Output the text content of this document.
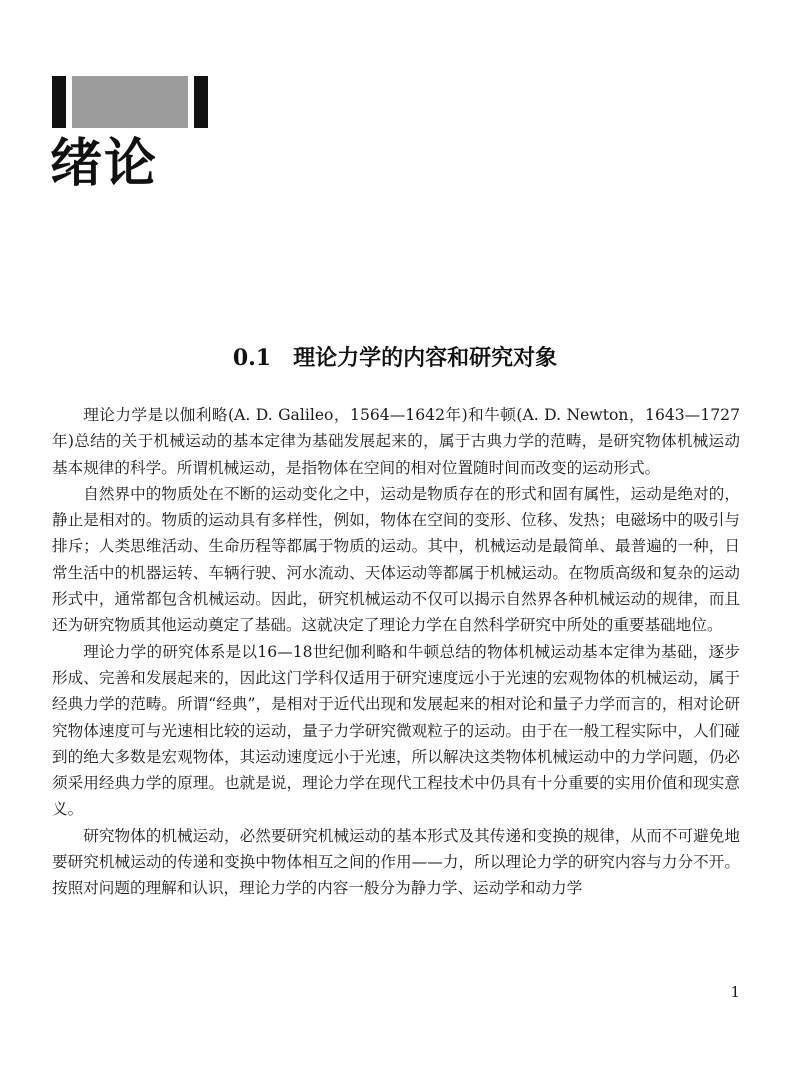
绪论
0.1 理论力学的内容和研究对象

理论力学是以伽利略(A. D. Galileo，1564—1642年)和牛顿(A. D. Newton，1643—1727年)总结的关于机械运动的基本定律为基础发展起来的，属于古典力学的范畴，是研究物体机械运动基本规律的科学。所谓机械运动，是指物体在空间的相对位置随时间而改变的运动形式。

自然界中的物质处在不断的运动变化之中，运动是物质存在的形式和固有属性，运动是绝对的，静止是相对的。物质的运动具有多样性，例如，物体在空间的变形、位移、发热；电磁场中的吸引与排斥；人类思维活动、生命历程等都属于物质的运动。其中，机械运动是最简单、最普遍的一种，日常生活中的机器运转、车辆行驶、河水流动、天体运动等都属于机械运动。在物质高级和复杂的运动形式中，通常都包含机械运动。因此，研究机械运动不仅可以揭示自然界各种机械运动的规律，而且还为研究物质其他运动奠定了基础。这就决定了理论力学在自然科学研究中所处的重要基础地位。

理论力学的研究体系是以16—18世纪伽利略和牛顿总结的物体机械运动基本定律为基础，逐步形成、完善和发展起来的，因此这门学科仅适用于研究速度远小于光速的宏观物体的机械运动，属于经典力学的范畴。所谓“经典”，是相对于近代出现和发展起来的相对论和量子力学而言的，相对论研究物体速度可与光速相比较的运动，量子力学研究微观粒子的运动。由于在一般工程实际中，人们碰到的绝大多数是宏观物体，其运动速度远小于光速，所以解决这类物体机械运动中的力学问题，仍必须采用经典力学的原理。也就是说，理论力学在现代工程技术中仍具有十分重要的实用价值和现实意义。

研究物体的机械运动，必然要研究机械运动的基本形式及其传递和变换的规律，从而不可避免地要研究机械运动的传递和变换中物体相互之间的作用——力，所以理论力学的研究内容与力分不开。按照对问题的理解和认识，理论力学的内容一般分为静力学、运动学和动力学

1
